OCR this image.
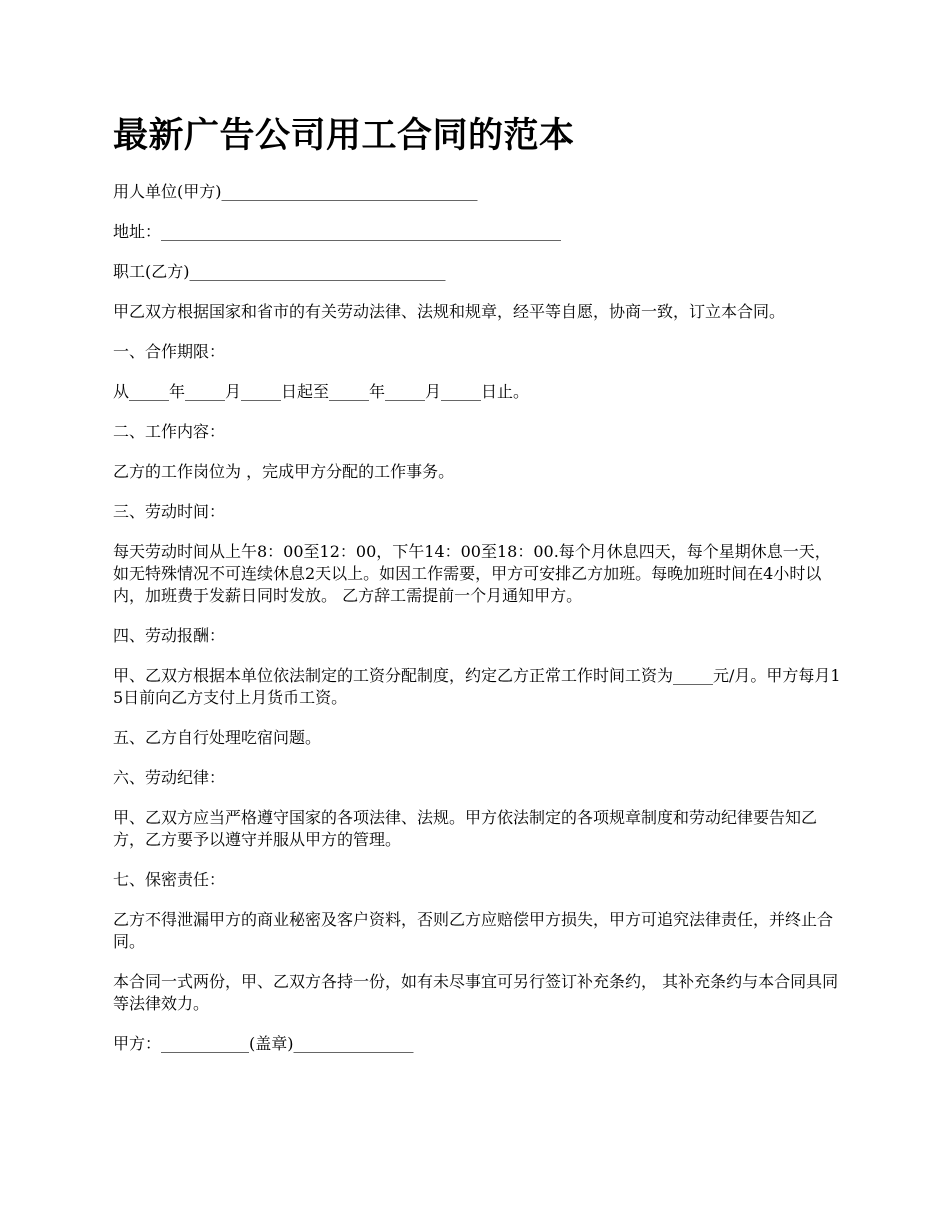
最新广告公司用工合同的范本

用人单位(甲方)________________________________

地址：__________________________________________________

职工(乙方)________________________________

甲乙双方根据国家和省市的有关劳动法律、法规和规章，经平等自愿，协商一致，订立本合同。

一、合作期限：

从_____年_____月_____日起至_____年_____月_____日止。

二、工作内容：

乙方的工作岗位为 ，完成甲方分配的工作事务。

三、劳动时间：

每天劳动时间从上午8：00至12：00，下午14：00至18：00.每个月休息四天，每个星期休息一天，如无特殊情况不可连续休息2天以上。如因工作需要，甲方可安排乙方加班。每晚加班时间在4小时以内，加班费于发薪日同时发放。 乙方辞工需提前一个月通知甲方。

四、劳动报酬：

甲、乙双方根据本单位依法制定的工资分配制度，约定乙方正常工作时间工资为_____元/月。甲方每月15日前向乙方支付上月货币工资。

五、乙方自行处理吃宿问题。

六、劳动纪律：

甲、乙双方应当严格遵守国家的各项法律、法规。甲方依法制定的各项规章制度和劳动纪律要告知乙方，乙方要予以遵守并服从甲方的管理。

七、保密责任：

乙方不得泄漏甲方的商业秘密及客户资料，否则乙方应赔偿甲方损失，甲方可追究法律责任，并终止合同。

本合同一式两份，甲、乙双方各持一份，如有未尽事宜可另行签订补充条约， 其补充条约与本合同具同等法律效力。

甲方：___________(盖章)_______________
